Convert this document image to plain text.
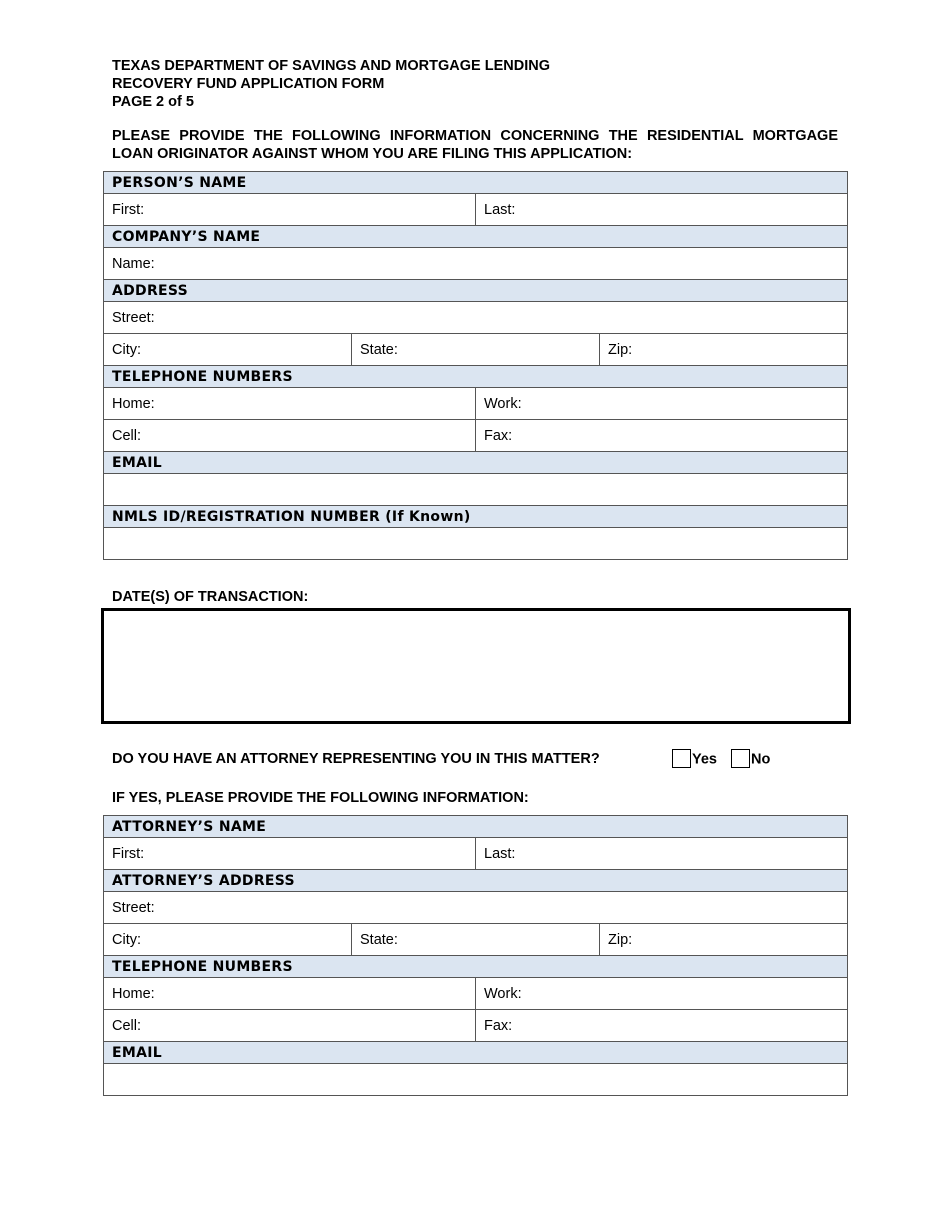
TEXAS DEPARTMENT OF SAVINGS AND MORTGAGE LENDING
RECOVERY FUND APPLICATION FORM
PAGE 2 of 5
PLEASE PROVIDE THE FOLLOWING INFORMATION CONCERNING THE RESIDENTIAL MORTGAGE LOAN ORIGINATOR AGAINST WHOM YOU ARE FILING THIS APPLICATION:
PERSON’S NAME			
First:		Last:	
COMPANY’S NAME			
Name:			
ADDRESS			
Street:			
City:	State:		Zip:
TELEPHONE NUMBERS			
Home:		Work:	
Cell:		Fax:	
EMAIL			

NMLS ID/REGISTRATION NUMBER (If Known)			

DATE(S) OF TRANSACTION:
DO YOU HAVE AN ATTORNEY REPRESENTING YOU IN THIS MATTER?	Yes	No
IF YES, PLEASE PROVIDE THE FOLLOWING INFORMATION:
ATTORNEY’S NAME			
First:		Last:	
ATTORNEY’S ADDRESS			
Street:			
City:	State:		Zip:
TELEPHONE NUMBERS			
Home:		Work:	
Cell:		Fax:	
EMAIL			
